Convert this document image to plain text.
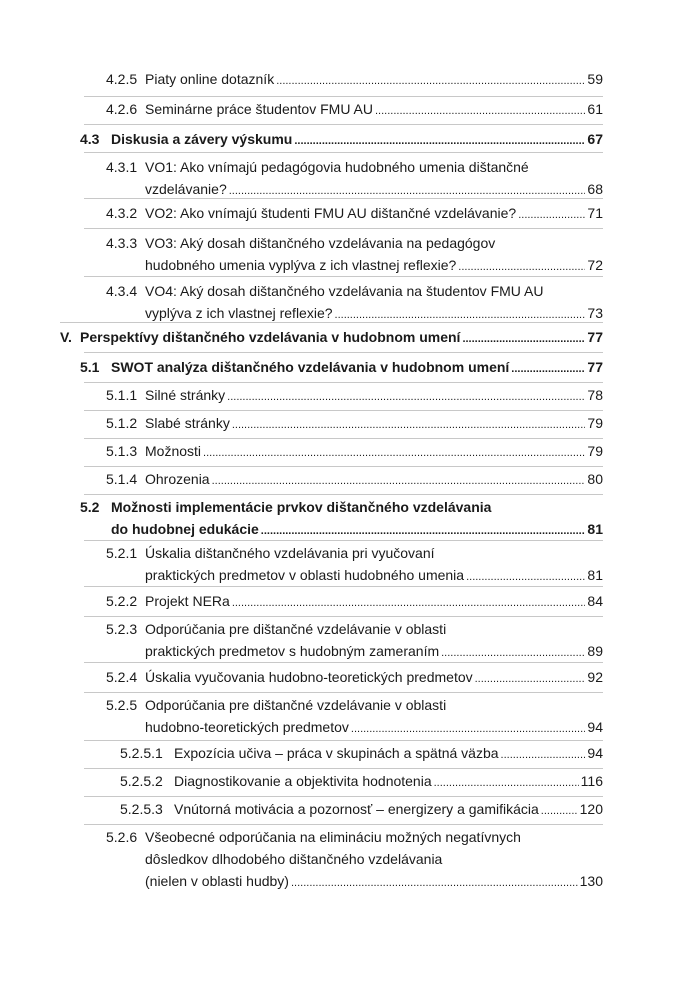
4.2.5 Piaty online dotazník .....	59
4.2.6 Seminárne práce študentov FMU AU .....	61
4.3 Diskusia a závery výskumu .....	67
4.3.1 VO1: Ako vnímajú pedagógovia hudobného umenia dištančné
vzdelávanie? .....	68
4.3.2 VO2: Ako vnímajú študenti FMU AU dištančné vzdelávanie? .....	71
4.3.3 VO3: Aký dosah dištančného vzdelávania na pedagógov
hudobného umenia vyplýva z ich vlastnej reflexie? .....	72
4.3.4 VO4: Aký dosah dištančného vzdelávania na študentov FMU AU
vyplýva z ich vlastnej reflexie? .....	73
V. Perspektívy dištančného vzdelávania v hudobnom umení .....	77
5.1 SWOT analýza dištančného vzdelávania v hudobnom umení .....	77
5.1.1 Silné stránky .....	78
5.1.2 Slabé stránky .....	79
5.1.3 Možnosti .....	79
5.1.4 Ohrozenia .....	80
5.2 Možnosti implementácie prvkov dištančného vzdelávania
do hudobnej edukácie .....	81
5.2.1 Úskalia dištančného vzdelávania pri vyučovaní
praktických predmetov v oblasti hudobného umenia .....	81
5.2.2 Projekt NERa .....	84
5.2.3 Odporúčania pre dištančné vzdelávanie v oblasti
praktických predmetov s hudobným zameraním .....	89
5.2.4 Úskalia vyučovania hudobno-teoretických predmetov .....	92
5.2.5 Odporúčania pre dištančné vzdelávanie v oblasti
hudobno-teoretických predmetov .....	94
5.2.5.1 Expozícia učiva – práca v skupinách a spätná väzba .....	94
5.2.5.2 Diagnostikovanie a objektivita hodnotenia .....	116
5.2.5.3 Vnútorná motivácia a pozornosť – energizery a gamifikácia .....	120
5.2.6 Všeobecné odporúčania na elimináciu možných negatívnych
dôsledkov dlhodobého dištančného vzdelávania
(nielen v oblasti hudby) .....	130
